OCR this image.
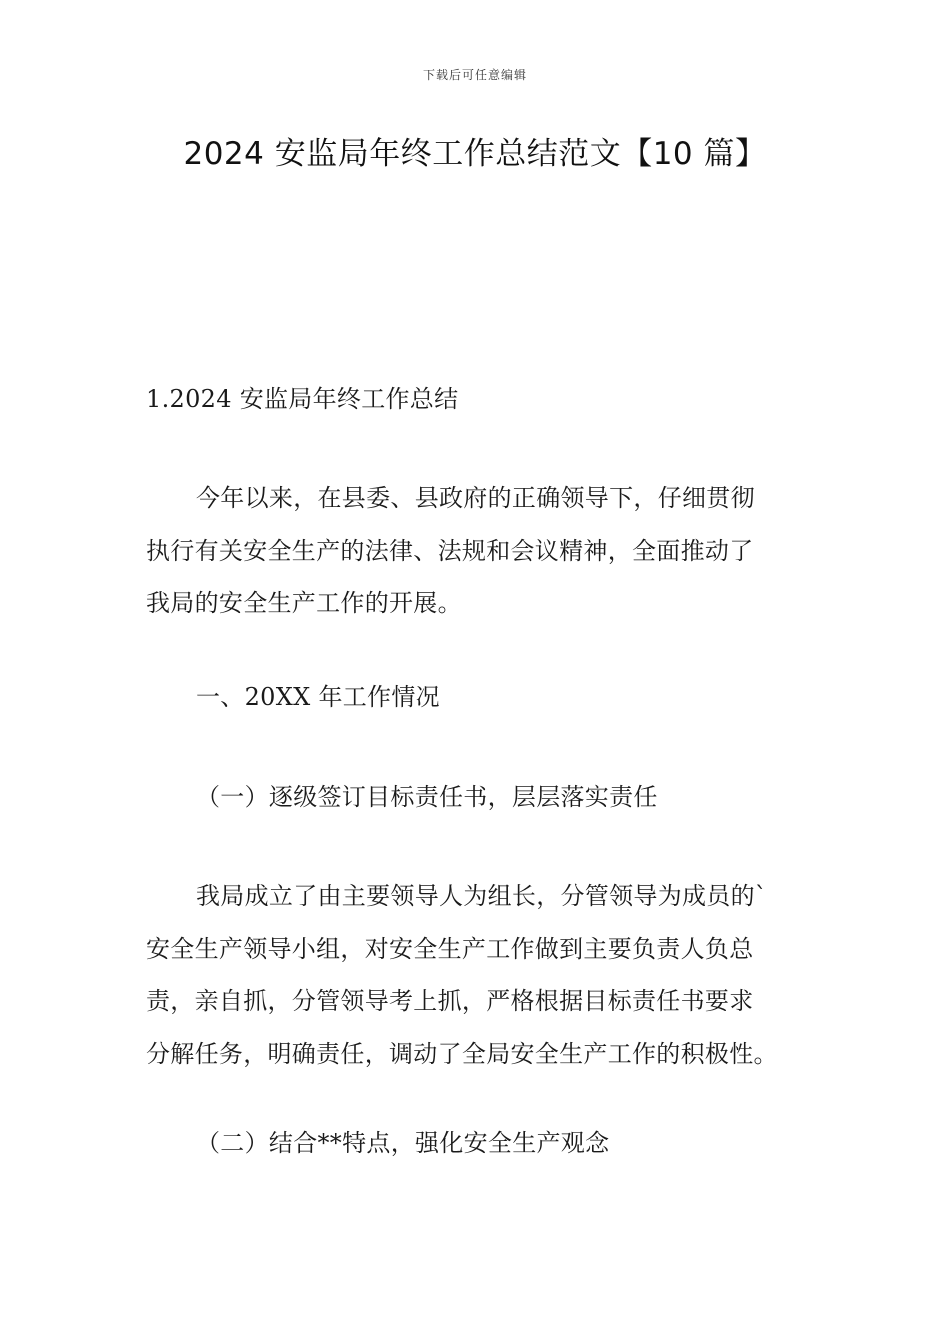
下载后可任意编辑
2024 安监局年终工作总结范文【10 篇】
1.2024 安监局年终工作总结
今年以来，在县委、县政府的正确领导下，仔细贯彻
执行有关安全生产的法律、法规和会议精神，全面推动了
我局的安全生产工作的开展。
一、20XX 年工作情况
（一）逐级签订目标责任书，层层落实责任
我局成立了由主要领导人为组长，分管领导为成员的`
安全生产领导小组，对安全生产工作做到主要负责人负总
责，亲自抓，分管领导考上抓，严格根据目标责任书要求
分解任务，明确责任，调动了全局安全生产工作的积极性。
（二）结合**特点，强化安全生产观念
